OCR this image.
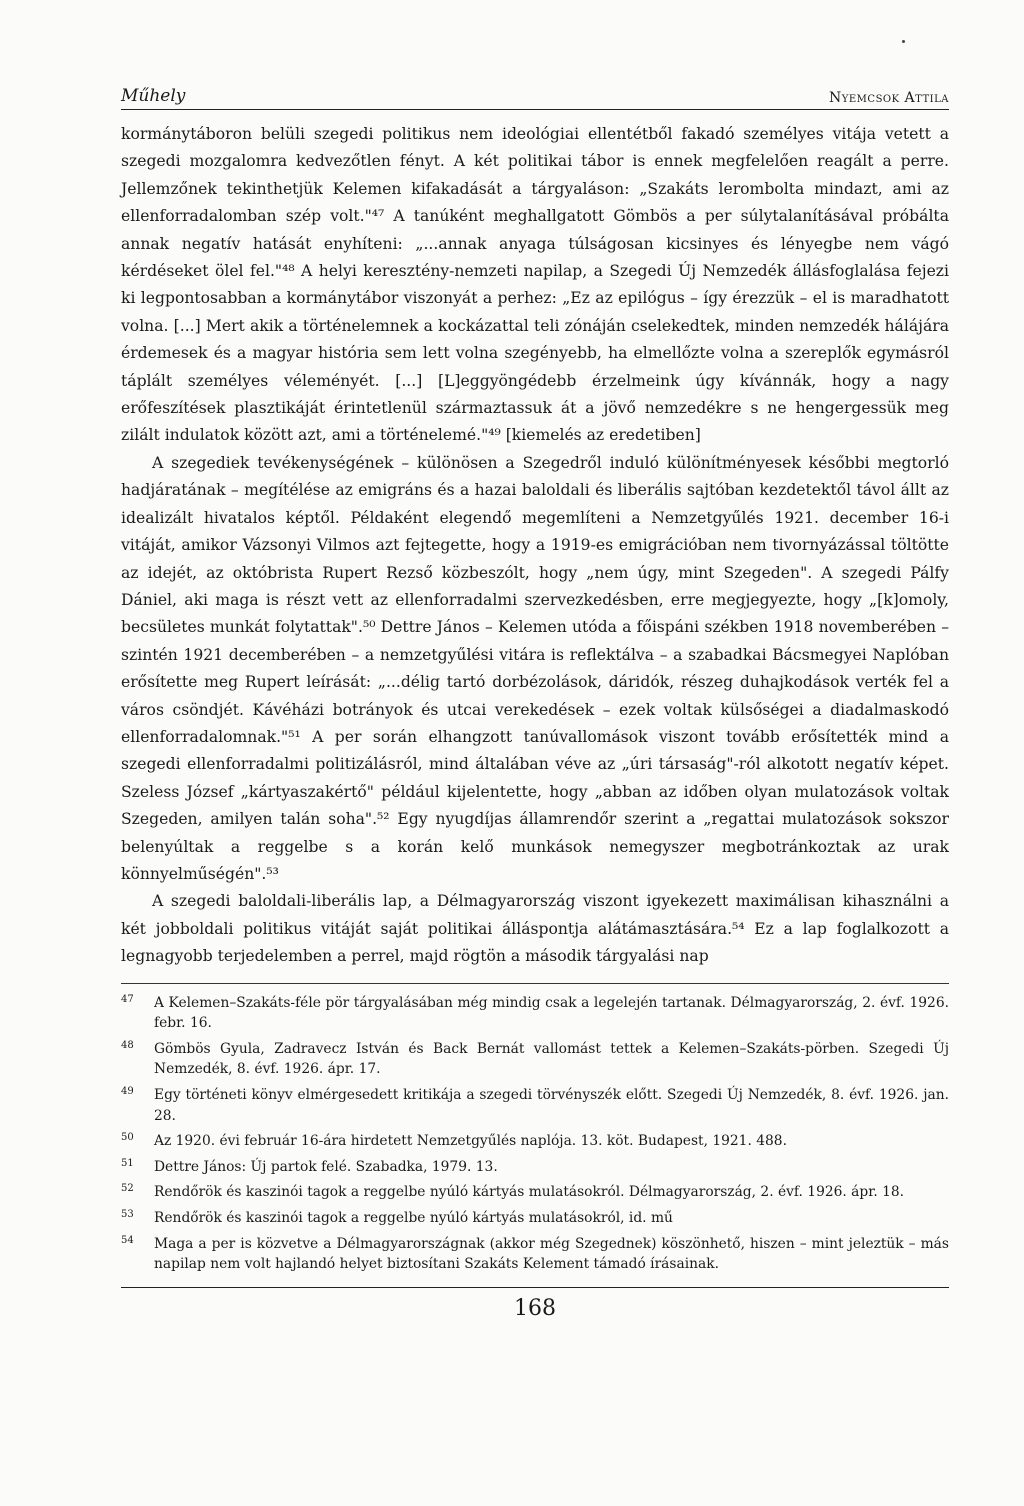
Műhely	Nyemcsok Attila

kormánytáboron belüli szegedi politikus nem ideológiai ellentétből fakadó személyes vitája vetett a szegedi mozgalomra kedvezőtlen fényt. A két politikai tábor is ennek megfelelően reagált a perre. Jellemzőnek tekinthetjük Kelemen kifakadását a tárgyaláson: „Szakáts lerombolta mindazt, ami az ellenforradalomban szép volt."⁴⁷ A tanúként meghallgatott Gömbös a per súlytalanításával próbálta annak negatív hatását enyhíteni: „...annak anyaga túlságosan kicsinyes és lényegbe nem vágó kérdéseket ölel fel."⁴⁸ A helyi keresztény-nemzeti napilap, a Szegedi Új Nemzedék állásfoglalása fejezi ki legpontosabban a kormánytábor viszonyát a perhez: „Ez az epilógus – így érezzük – el is maradhatott volna. [...] Mert akik a történelemnek a kockázattal teli zónáján cselekedtek, minden nemzedék hálájára érdemesek és a magyar história sem lett volna szegényebb, ha elmellőzte volna a szereplők egymásról táplált személyes véleményét. [...] [L]eggyöngédebb érzelmeink úgy kívánnák, hogy a nagy erőfeszítések plasztikáját érintetlenül származtassuk át a jövő nemzedékre s ne hengergessük meg zilált indulatok között azt, ami a történelemé."⁴⁹ [kiemelés az eredetiben]

A szegediek tevékenységének – különösen a Szegedről induló különítményesek későbbi megtorló hadjáratának – megítélése az emigráns és a hazai baloldali és liberális sajtóban kezdetektől távol állt az idealizált hivatalos képtől. Példaként elegendő megemlíteni a Nemzetgyűlés 1921. december 16-i vitáját, amikor Vázsonyi Vilmos azt fejtegette, hogy a 1919-es emigrációban nem tivornyázással töltötte az idejét, az októbrista Rupert Rezső közbeszólt, hogy „nem úgy, mint Szegeden". A szegedi Pálfy Dániel, aki maga is részt vett az ellenforradalmi szervezkedésben, erre megjegyezte, hogy „[k]omoly, becsületes munkát folytattak".⁵⁰ Dettre János – Kelemen utóda a főispáni székben 1918 novemberében – szintén 1921 decemberében – a nemzetgyűlési vitára is reflektálva – a szabadkai Bácsmegyei Naplóban erősítette meg Rupert leírását: „...délig tartó dorbézolások, dáridók, részeg duhajkodások verték fel a város csöndjét. Kávéházi botrányok és utcai verekedések – ezek voltak külsőségei a diadalmaskodó ellenforradalomnak."⁵¹ A per során elhangzott tanúvallomások viszont tovább erősítették mind a szegedi ellenforradalmi politizálásról, mind általában véve az „úri társaság"-ról alkotott negatív képet. Szeless József „kártyaszakértő" például kijelentette, hogy „abban az időben olyan mulatozások voltak Szegeden, amilyen talán soha".⁵² Egy nyugdíjas államrendőr szerint a „regattai mulatozások sokszor belenyúltak a reggelbe s a korán kelő munkások nemegyszer megbotránkoztak az urak könnyelműségén".⁵³

A szegedi baloldali-liberális lap, a Délmagyarország viszont igyekezett maximálisan kihasználni a két jobboldali politikus vitáját saját politikai álláspontja alátámasztására.⁵⁴ Ez a lap foglalkozott a legnagyobb terjedelemben a perrel, majd rögtön a második tárgyalási nap

47	A Kelemen–Szakáts-féle pör tárgyalásában még mindig csak a legelején tartanak. Délmagyarország, 2. évf. 1926. febr. 16.
48	Gömbös Gyula, Zadravecz István és Back Bernát vallomást tettek a Kelemen–Szakáts-pörben. Szegedi Új Nemzedék, 8. évf. 1926. ápr. 17.
49	Egy történeti könyv elmérgesedett kritikája a szegedi törvényszék előtt. Szegedi Új Nemzedék, 8. évf. 1926. jan. 28.
50	Az 1920. évi február 16-ára hirdetett Nemzetgyűlés naplója. 13. köt. Budapest, 1921. 488.
51	Dettre János: Új partok felé. Szabadka, 1979. 13.
52	Rendőrök és kaszinói tagok a reggelbe nyúló kártyás mulatásokról. Délmagyarország, 2. évf. 1926. ápr. 18.
53	Rendőrök és kaszinói tagok a reggelbe nyúló kártyás mulatásokról, id. mű
54	Maga a per is közvetve a Délmagyarországnak (akkor még Szegednek) köszönhető, hiszen – mint jeleztük – más napilap nem volt hajlandó helyet biztosítani Szakáts Kelement támadó írásainak.
168
